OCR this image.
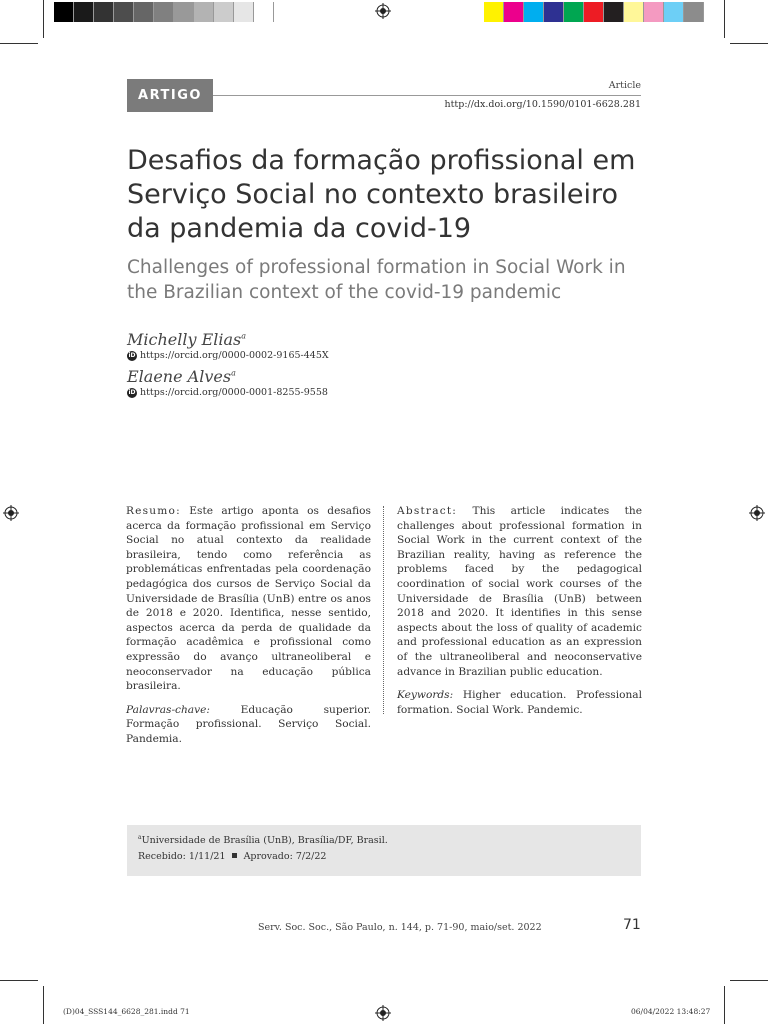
ARTIGO
Article
http://dx.doi.org/10.1590/0101-6628.281
Desafios da formação profissional em Serviço Social no contexto brasileiro da pandemia da covid-19
Challenges of professional formation in Social Work in the Brazilian context of the covid-19 pandemic
Michelly Elias$^a$
iD https://orcid.org/0000-0002-9165-445X
Elaene Alves$^a$
iD https://orcid.org/0000-0001-8255-9558

Resumo: Este artigo aponta os desafios acerca da formação profissional em Serviço Social no atual contexto da realidade brasileira, tendo como referência as problemáticas enfrentadas pela coordenação pedagógica dos cursos de Serviço Social da Universidade de Brasília (UnB) entre os anos de 2018 e 2020. Identifica, nesse sentido, aspectos acerca da perda de qualidade da formação acadêmica e profissional como expressão do avanço ultraneoliberal e neoconservador na educação pública brasileira.

Palavras-chave:	Educação superior. Formação profissional. Serviço Social. Pandemia.

Abstract: This article indicates the challenges about professional formation in Social Work in the current context of the Brazilian reality, having as reference the problems faced by the pedagogical coordination of social work courses of the Universidade de Brasília (UnB) between 2018 and 2020. It identifies in this sense aspects about the loss of quality of academic and professional education as an expression of the ultraneoliberal and neoconservative advance in Brazilian public education.

Keywords: Higher education. Professional formation. Social Work. Pandemic.

$^a$Universidade de Brasília (UnB), Brasília/DF, Brasil.
Recebido: 1/11/21 Aprovado: 7/2/22
Serv. Soc. Soc., São Paulo, n. 144, p. 71-90, maio/set. 2022	71
(D)04_SSS144_6628_281.indd 71	06/04/2022 13:48:27
